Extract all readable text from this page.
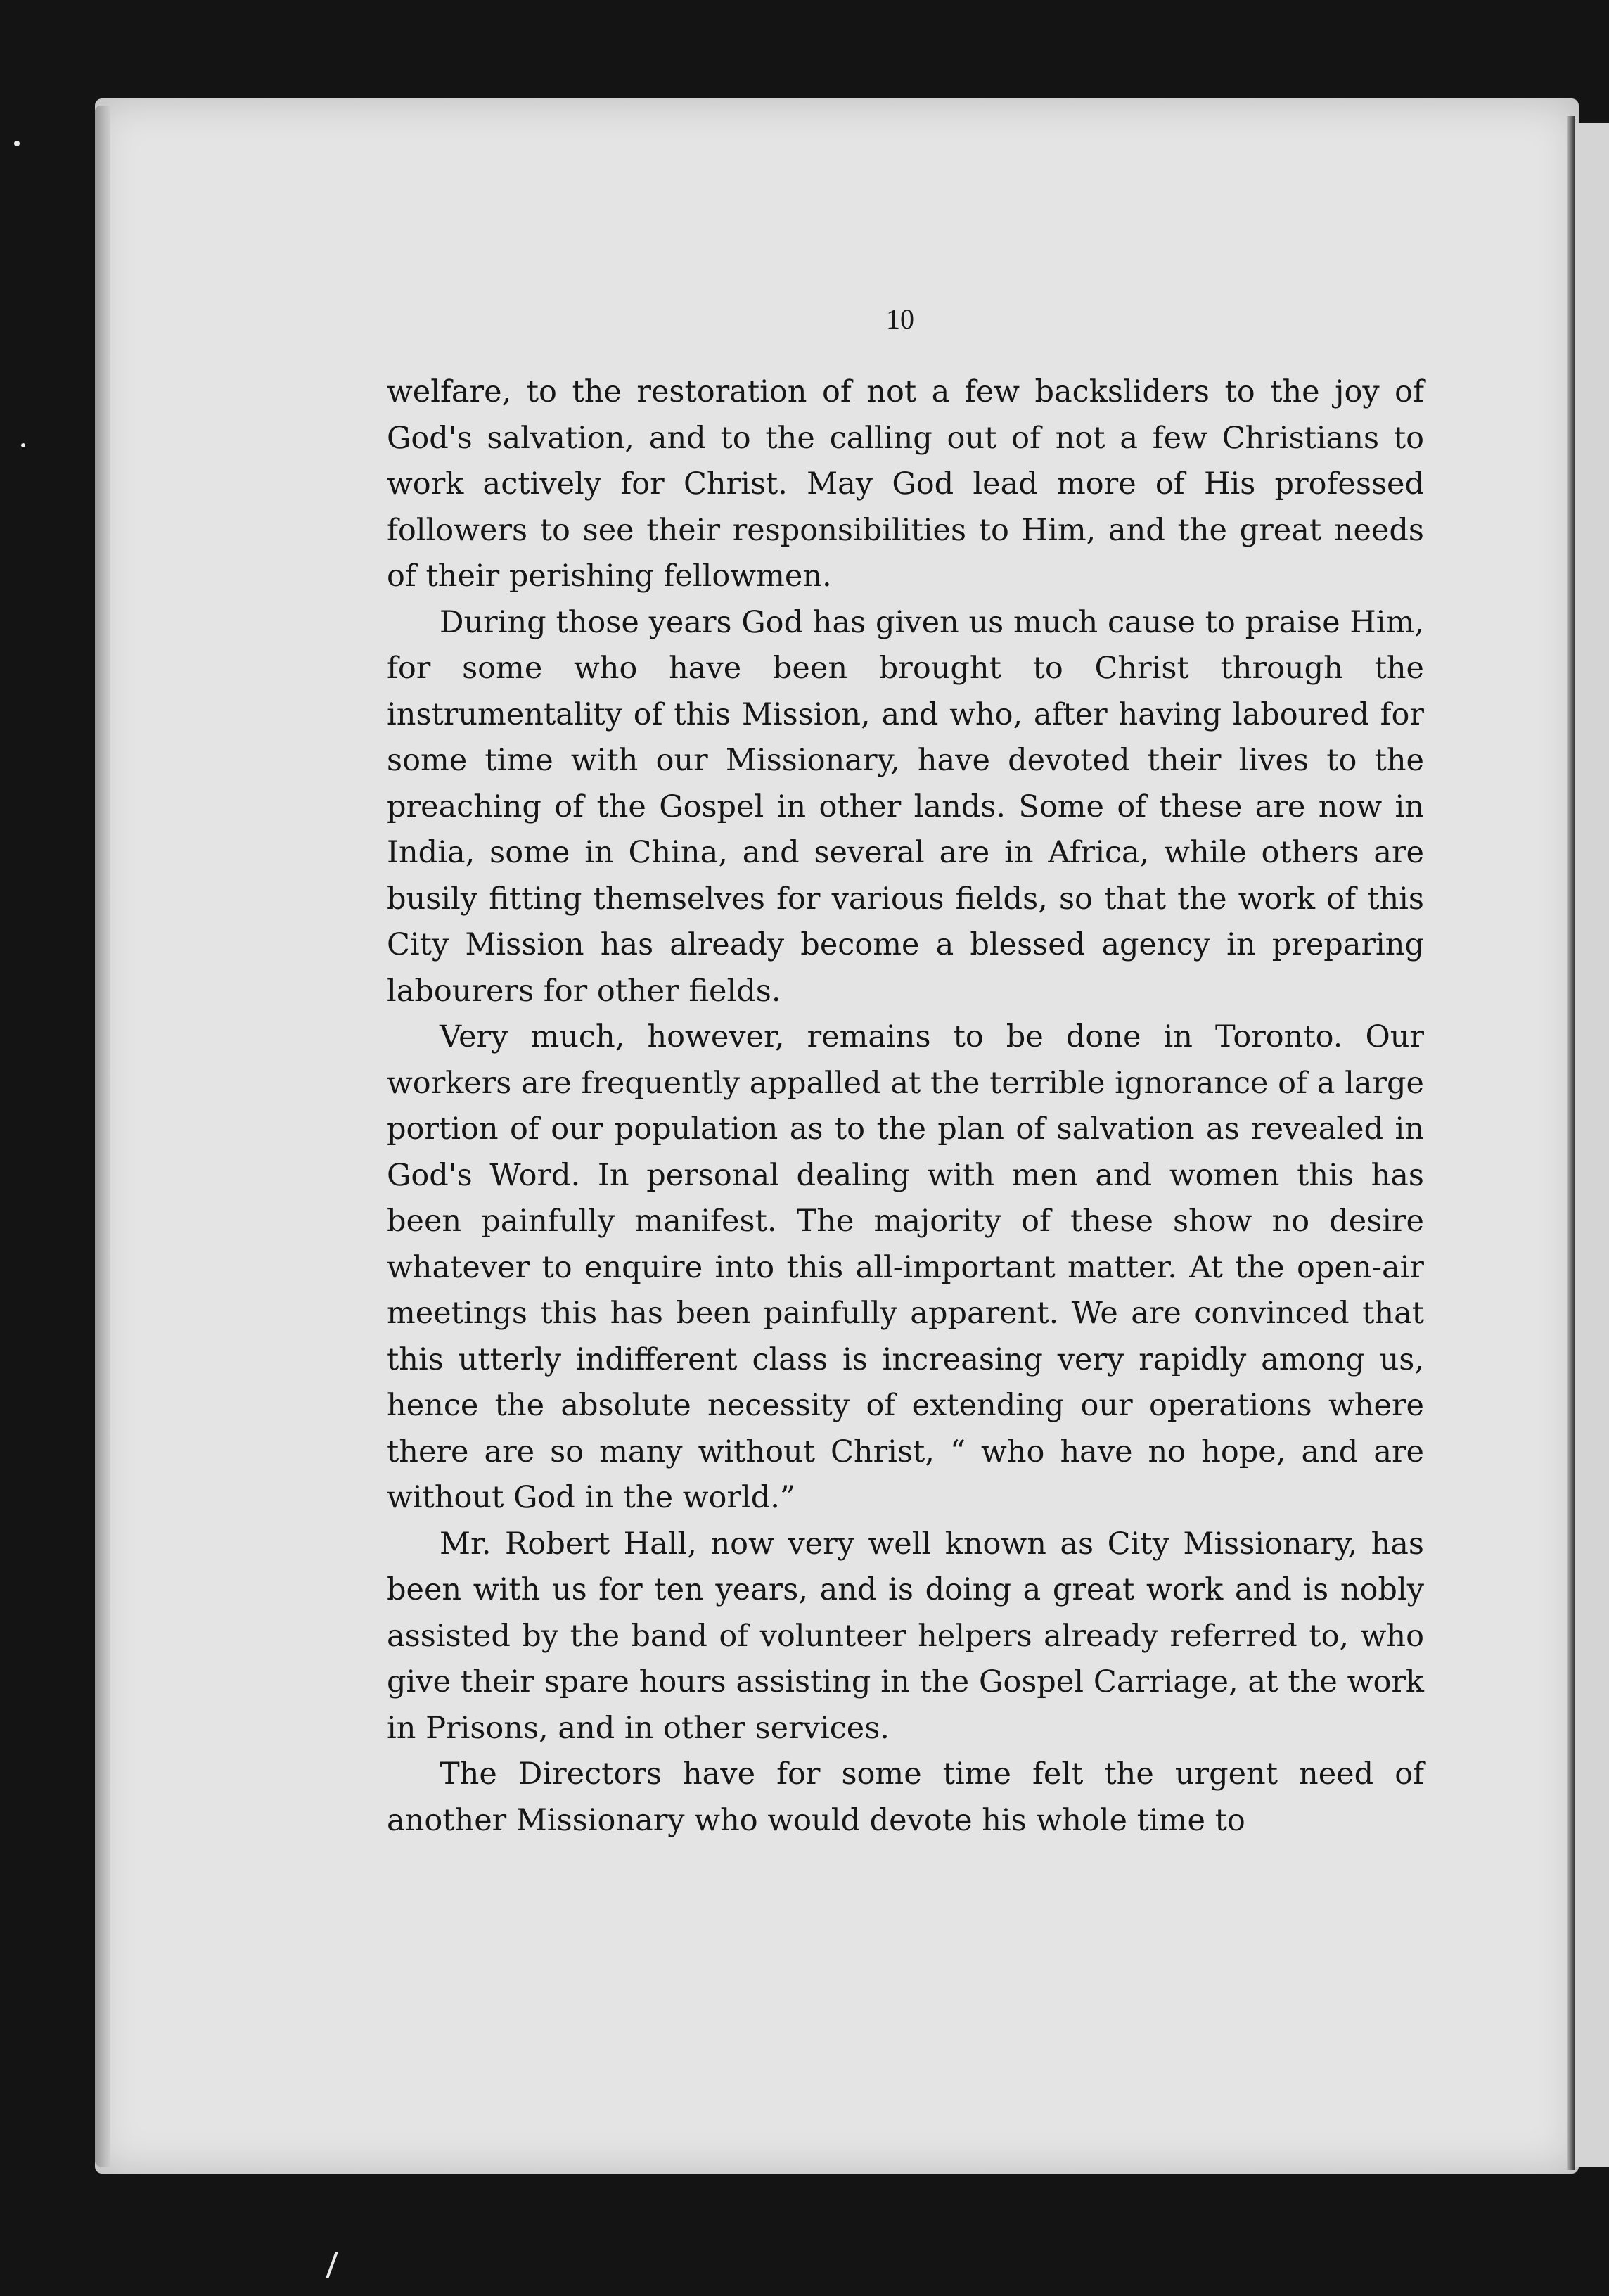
10

welfare, to the restoration of not a few backsliders to the joy of God's salvation, and to the calling out of not a few Christians to work actively for Christ. May God lead more of His professed followers to see their responsibilities to Him, and the great needs of their perishing fellowmen.

During those years God has given us much cause to praise Him, for some who have been brought to Christ through the instrumentality of this Mission, and who, after having laboured for some time with our Missionary, have devoted their lives to the preaching of the Gospel in other lands. Some of these are now in India, some in China, and several are in Africa, while others are busily fitting themselves for various fields, so that the work of this City Mission has already become a blessed agency in preparing labourers for other fields.

Very much, however, remains to be done in Toronto. Our workers are frequently appalled at the terrible ignorance of a large portion of our population as to the plan of salvation as revealed in God's Word. In personal dealing with men and women this has been painfully manifest. The majority of these show no desire whatever to enquire into this all-important matter. At the open-air meetings this has been painfully apparent. We are convinced that this utterly indifferent class is increasing very rapidly among us, hence the absolute necessity of extending our operations where there are so many without Christ, “ who have no hope, and are without God in the world.”

Mr. Robert Hall, now very well known as City Missionary, has been with us for ten years, and is doing a great work and is nobly assisted by the band of volunteer helpers already referred to, who give their spare hours assisting in the Gospel Carriage, at the work in Prisons, and in other services.

The Directors have for some time felt the urgent need of another Missionary who would devote his whole time to
